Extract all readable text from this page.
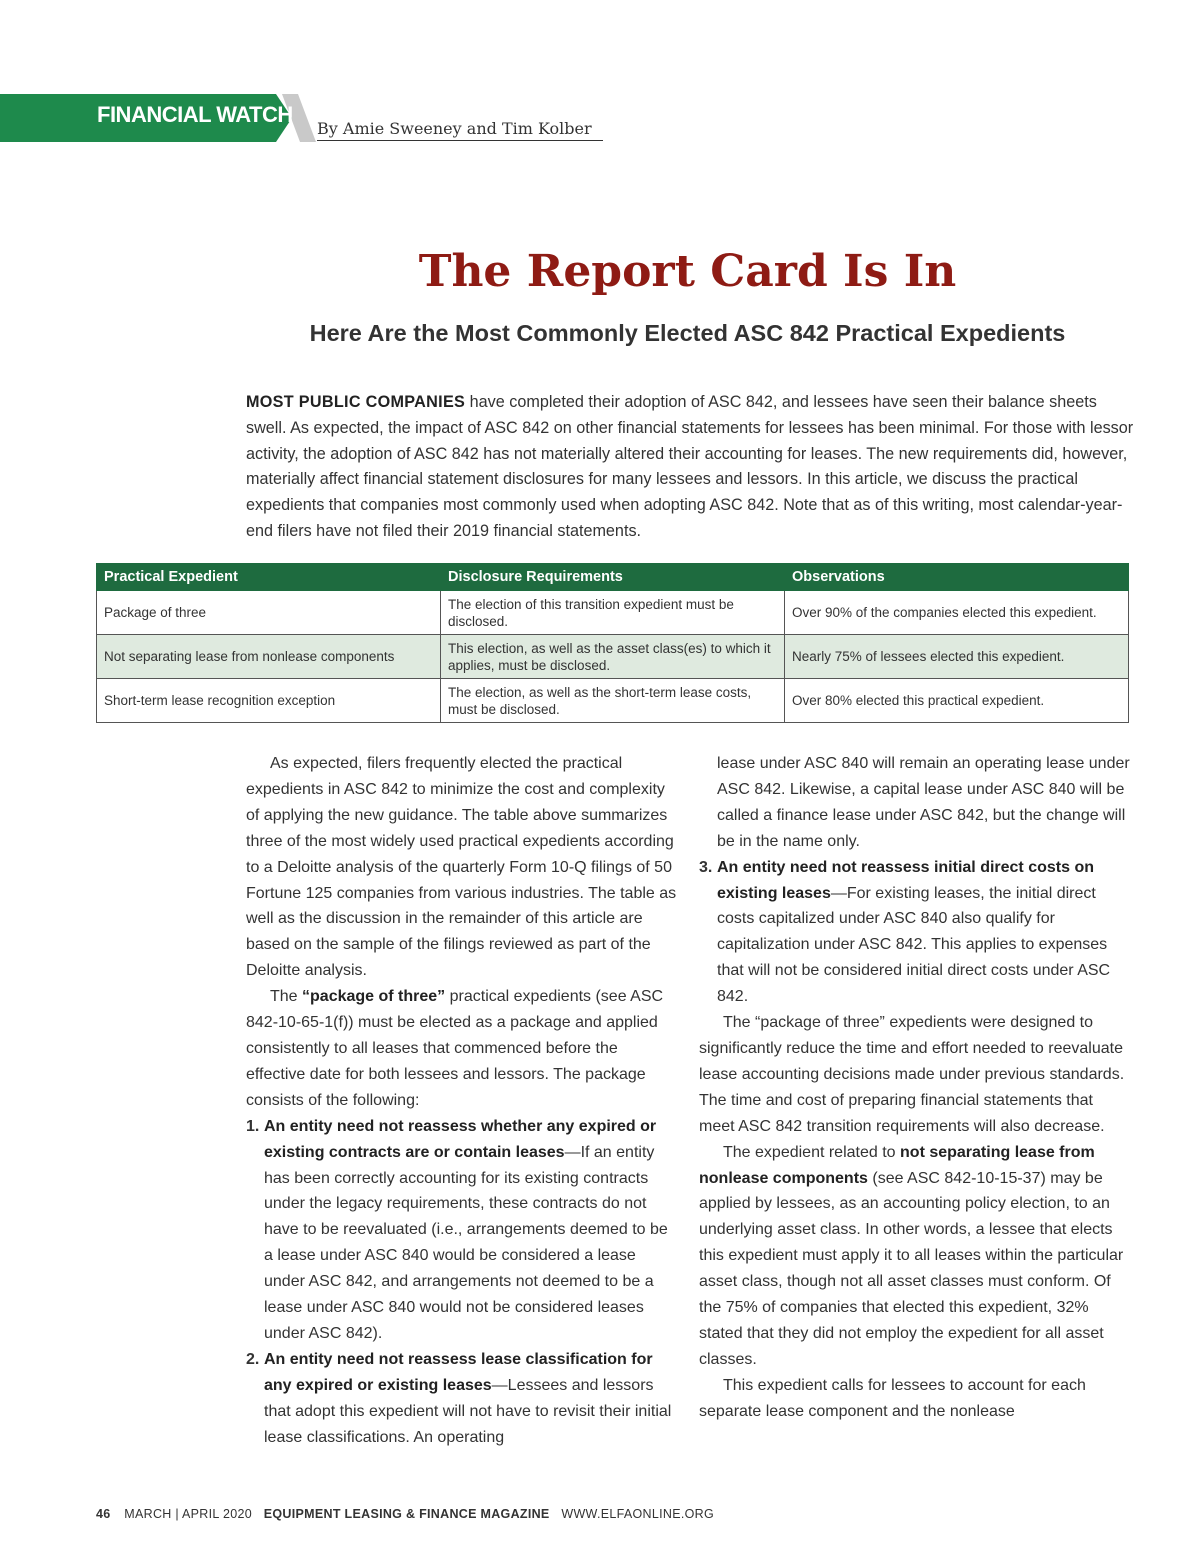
FINANCIAL WATCH
By Amie Sweeney and Tim Kolber
The Report Card Is In
Here Are the Most Commonly Elected ASC 842 Practical Expedients

MOST PUBLIC COMPANIES have completed their adoption of ASC 842, and lessees have seen their balance sheets swell. As expected, the impact of ASC 842 on other financial statements for lessees has been minimal. For those with lessor activity, the adoption of ASC 842 has not materially altered their accounting for leases. The new requirements did, however, materially affect financial statement disclosures for many lessees and lessors. In this article, we discuss the practical expedients that companies most commonly used when adopting ASC 842. Note that as of this writing, most calendar-year-end filers have not filed their 2019 financial statements.

Practical Expedient	Disclosure Requirements	Observations
Package of three	The election of this transition expedient must be disclosed.	Over 90% of the companies elected this expedient.
Not separating lease from nonlease components	This election, as well as the asset class(es) to which it applies, must be disclosed.	Nearly 75% of lessees elected this expedient.
Short-term lease recognition exception	The election, as well as the short-term lease costs, must be disclosed.	Over 80% elected this practical expedient.

As expected, filers frequently elected the practical expedients in ASC 842 to minimize the cost and complexity of applying the new guidance. The table above summarizes three of the most widely used practical expedients according to a Deloitte analysis of the quarterly Form 10-Q filings of 50 Fortune 125 companies from various industries. The table as well as the discussion in the remainder of this article are based on the sample of the filings reviewed as part of the Deloitte analysis.

The “package of three” practical expedients (see ASC 842-10-65-1(f)) must be elected as a package and applied consistently to all leases that commenced before the effective date for both lessees and lessors. The package consists of the following:

1. An entity need not reassess whether any expired or existing contracts are or contain leases—If an entity has been correctly accounting for its existing contracts under the legacy requirements, these contracts do not have to be reevaluated (i.e., arrangements deemed to be a lease under ASC 840 would be considered a lease under ASC 842, and arrangements not deemed to be a lease under ASC 840 would not be considered leases under ASC 842).
2. An entity need not reassess lease classification for any expired or existing leases—Lessees and lessors that adopt this expedient will not have to revisit their initial lease classifications. An operating

lease under ASC 840 will remain an operating lease under ASC 842. Likewise, a capital lease under ASC 840 will be called a finance lease under ASC 842, but the change will be in the name only.

3. An entity need not reassess initial direct costs on existing leases—For existing leases, the initial direct costs capitalized under ASC 840 also qualify for capitalization under ASC 842. This applies to expenses that will not be considered initial direct costs under ASC 842.

The “package of three” expedients were designed to significantly reduce the time and effort needed to reevaluate lease accounting decisions made under previous standards. The time and cost of preparing financial statements that meet ASC 842 transition requirements will also decrease.

The expedient related to not separating lease from nonlease components (see ASC 842-10-15-37) may be applied by lessees, as an accounting policy election, to an underlying asset class. In other words, a lessee that elects this expedient must apply it to all leases within the particular asset class, though not all asset classes must conform. Of the 75% of companies that elected this expedient, 32% stated that they did not employ the expedient for all asset classes.

This expedient calls for lessees to account for each separate lease component and the nonlease

46 MARCH | APRIL 2020 EQUIPMENT LEASING & FINANCE MAGAZINE WWW.ELFAONLINE.ORG
